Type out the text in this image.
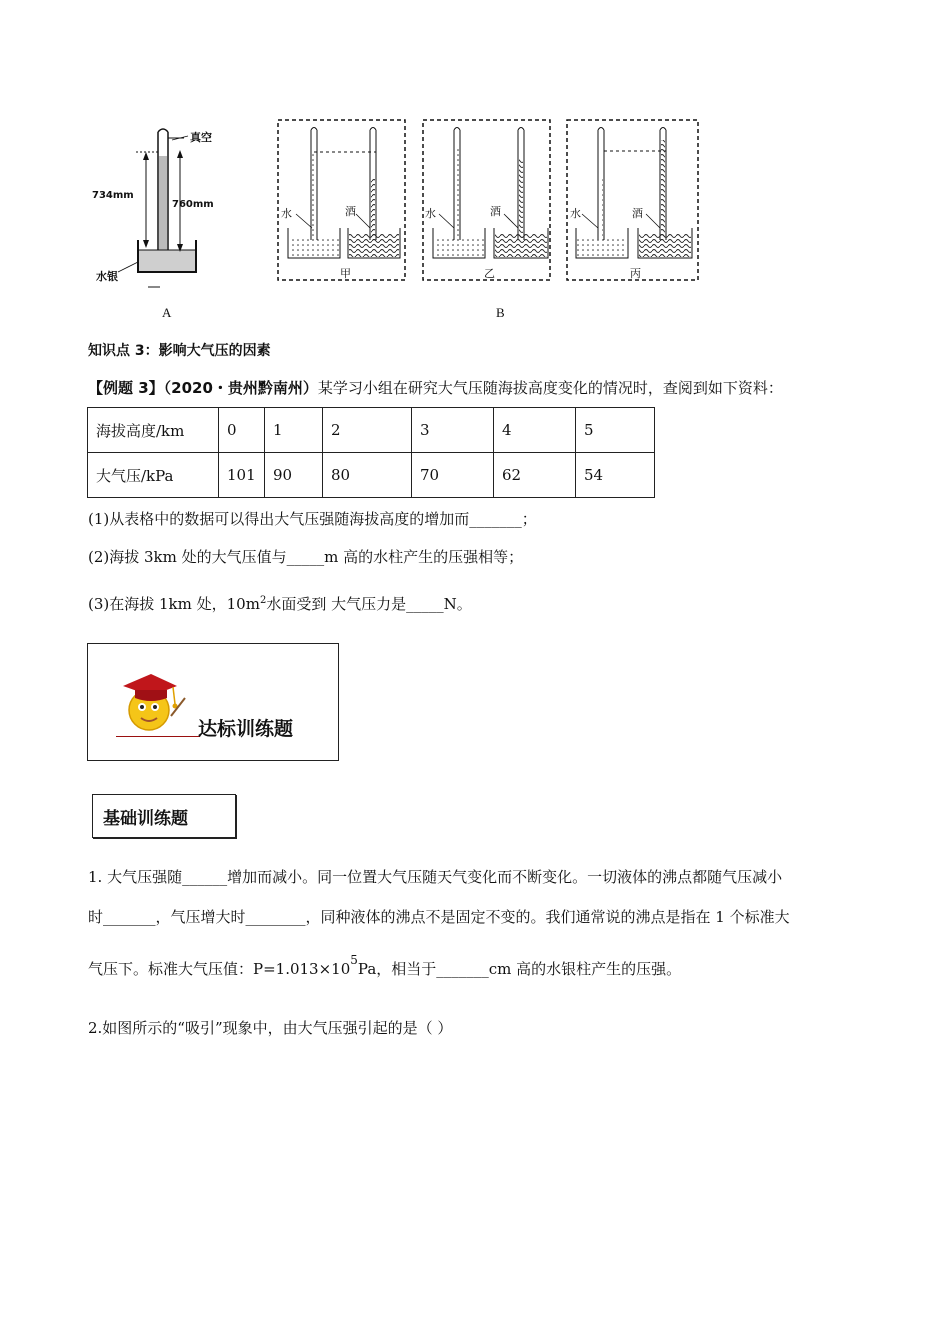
真空
734mm
760mm
水银
A
水	酒
甲
水	酒
乙
水	酒
丙
B
知识点 3：影响大气压的因素
【例题 3】（2020・贵州黔南州）某学习小组在研究大气压随海拔高度变化的情况时，查阅到如下资料：
海拔高度/km	0	1	2	3	4	5
大气压/kPa	101	90	80	70	62	54
(1)从表格中的数据可以得出大气压强随海拔高度的增加而_______；
(2)海拔 3km 处的大气压值与_____m 高的水柱产生的压强相等；
(3)在海拔 1km 处，$10m^2$水面受到 大气压力是_____N。
达标训练题
基础训练题
1. 大气压强随______增加而减小。同一位置大气压随天气变化而不断变化。一切液体的沸点都随气压减小
时_______，气压增大时________，同种液体的沸点不是固定不变的。我们通常说的沸点是指在 1 个标准大
气压下。标准大气压值：$P=1.013\times 10^5Pa$，相当于_______cm 高的水银柱产生的压强。
2.如图所示的“吸引”现象中，由大气压强引起的是（ ）
